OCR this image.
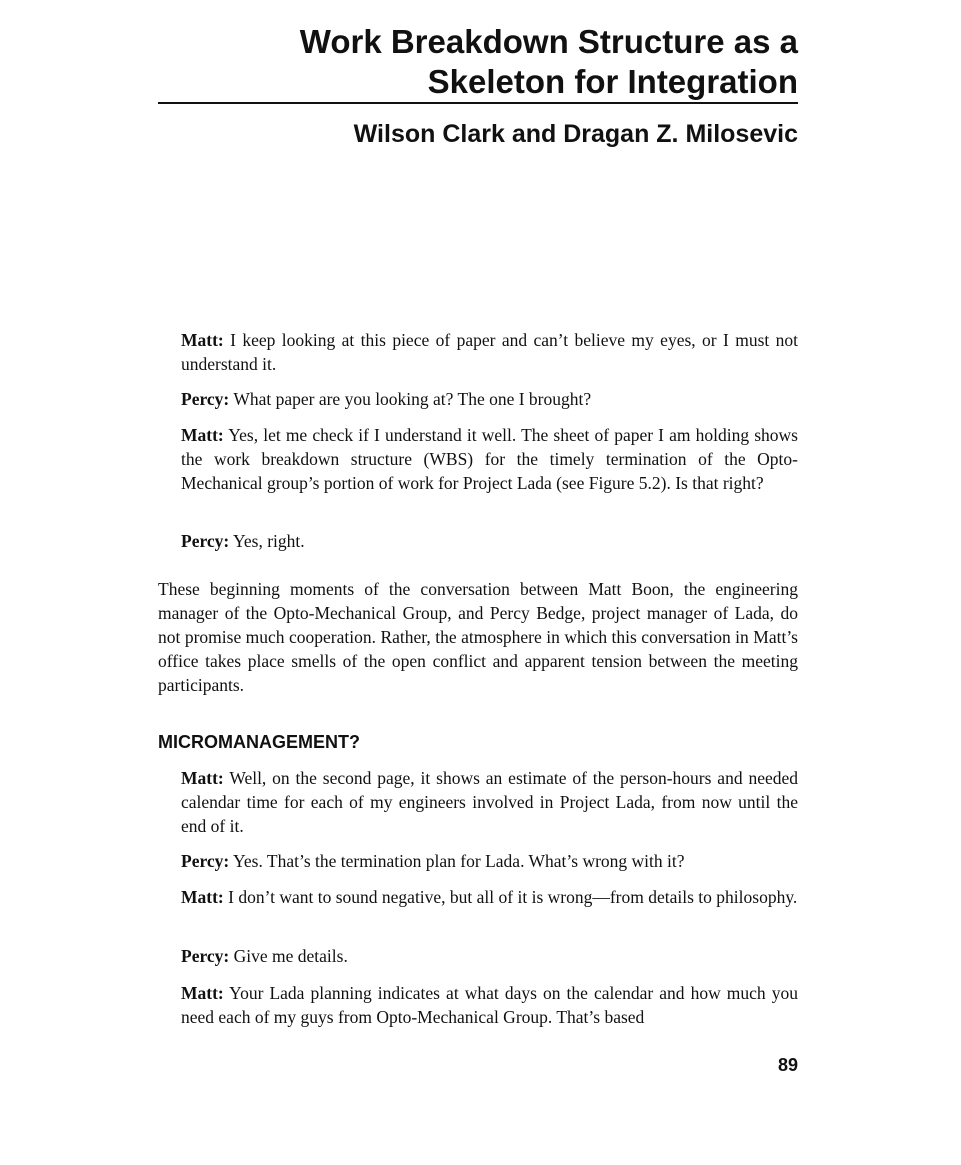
Work Breakdown Structure as a
Skeleton for Integration
Wilson Clark and Dragan Z. Milosevic

Matt: I keep looking at this piece of paper and can’t believe my eyes, or I must not understand it.

Percy: What paper are you looking at? The one I brought?

Matt: Yes, let me check if I understand it well. The sheet of paper I am holding shows the work breakdown structure (WBS) for the timely termination of the Opto-Mechanical group’s portion of work for Project Lada (see Figure 5.2). Is that right?

Percy: Yes, right.

These beginning moments of the conversation between Matt Boon, the engineering manager of the Opto-Mechanical Group, and Percy Bedge, project manager of Lada, do not promise much cooperation. Rather, the atmosphere in which this conversation in Matt’s office takes place smells of the open conflict and apparent tension between the meeting participants.

MICROMANAGEMENT?

Matt: Well, on the second page, it shows an estimate of the person-hours and needed calendar time for each of my engineers involved in Project Lada, from now until the end of it.

Percy: Yes. That’s the termination plan for Lada. What’s wrong with it?

Matt: I don’t want to sound negative, but all of it is wrong—from details to philosophy.

Percy: Give me details.

Matt: Your Lada planning indicates at what days on the calendar and how much you need each of my guys from Opto-Mechanical Group. That’s based

89
